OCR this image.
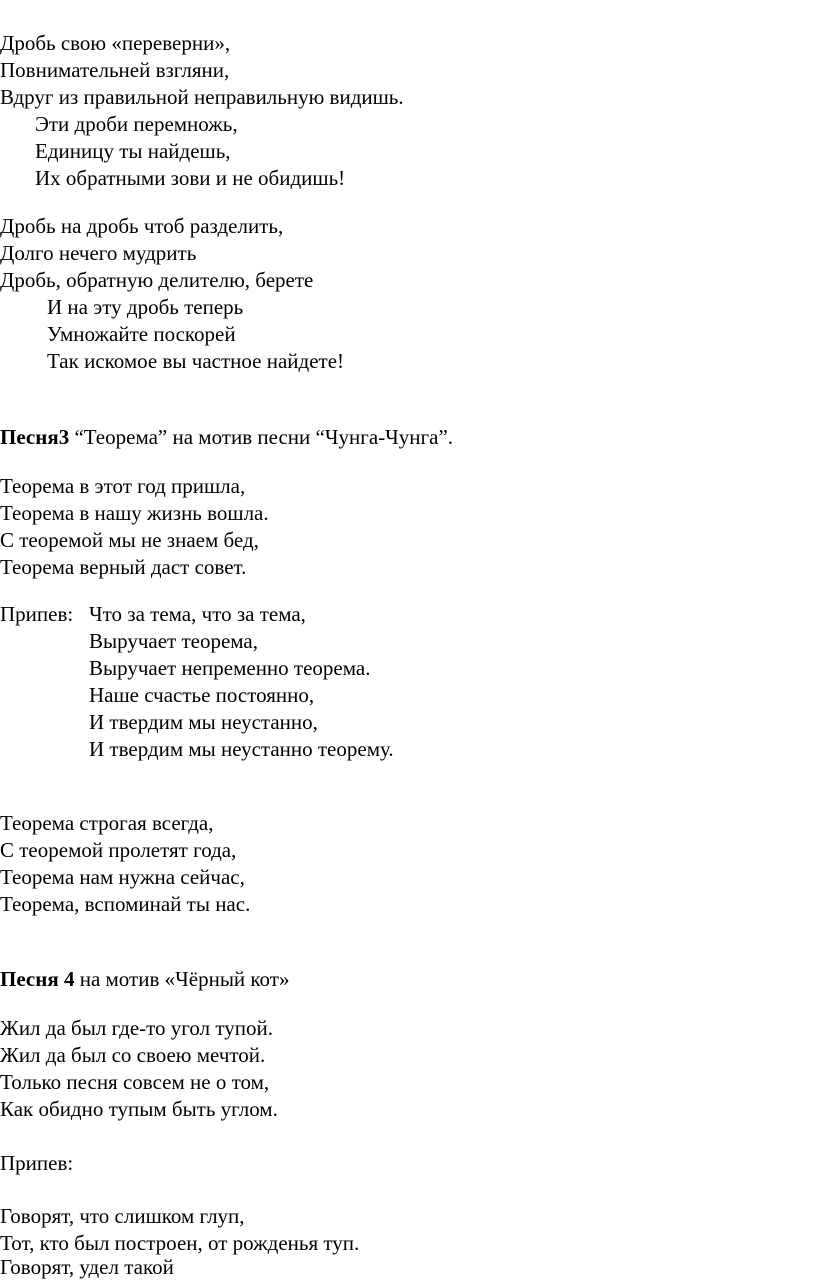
Дробь свою «переверни»,
Повнимательней взгляни,
Вдруг из правильной неправильную видишь.
Эти дроби перемножь,
Единицу ты найдешь,
Их обратными зови и не обидишь!
Дробь на дробь чтоб разделить,
Долго нечего мудрить
Дробь, обратную делителю, берете
И на эту дробь теперь
Умножайте поскорей
Так искомое вы частное найдете!
Песня3 “Теорема” на мотив песни “Чунга-Чунга”.
Теорема в этот год пришла,
Теорема в нашу жизнь вошла.
С теоремой мы не знаем бед,
Теорема верный даст совет.
Припев: Что за тема, что за тема,
Выручает теорема,
Выручает непременно теорема.
Наше счастье постоянно,
И твердим мы неустанно,
И твердим мы неустанно теорему.
Теорема строгая всегда,
С теоремой пролетят года,
Теорема нам нужна сейчас,
Теорема, вспоминай ты нас.
Песня 4 на мотив «Чёрный кот»
Жил да был где-то угол тупой.
Жил да был со своею мечтой.
Только песня совсем не о том,
Как обидно тупым быть углом.
Припев:
Говорят, что слишком глуп,
Тот, кто был построен, от рожденья туп.
Говорят, удел такой
